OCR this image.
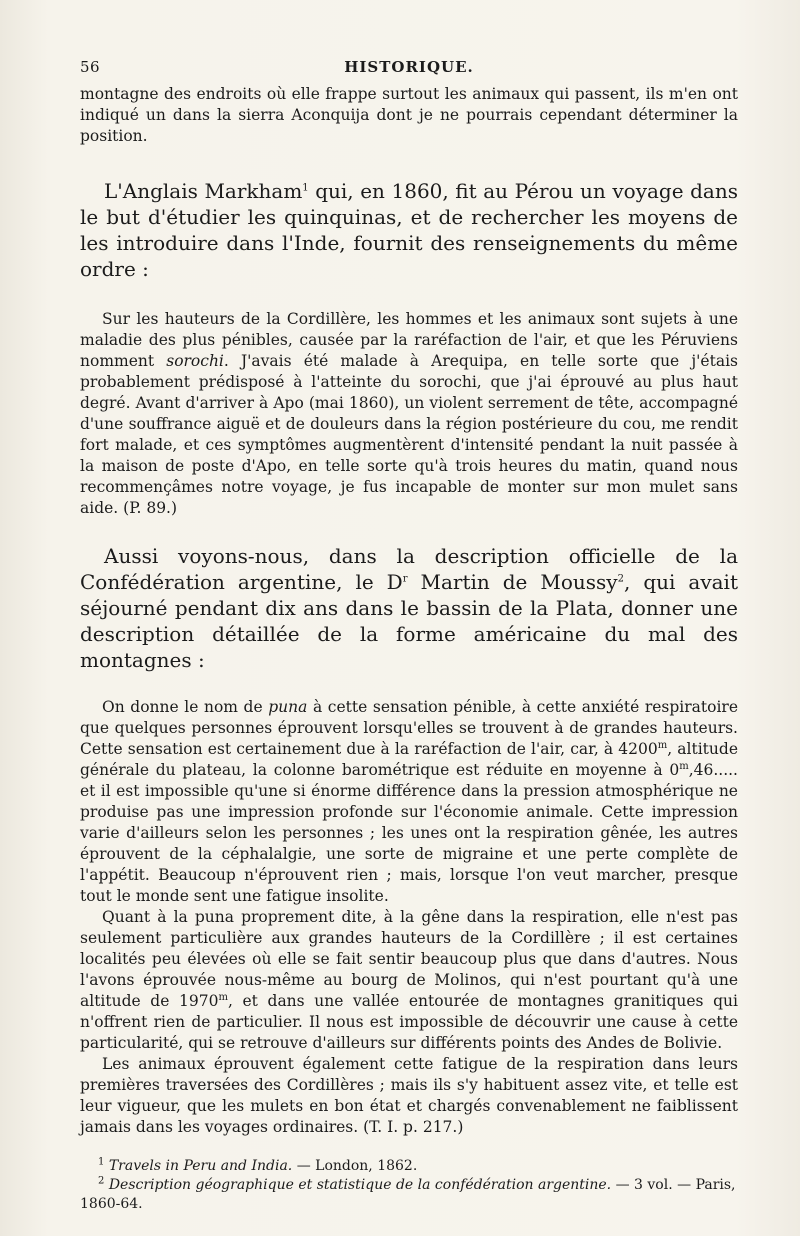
56	HISTORIQUE.

montagne des endroits où elle frappe surtout les animaux qui passent, ils m'en ont indiqué un dans la sierra Aconquija dont je ne pourrais cependant déterminer la position.

L'Anglais Markham$^1$ qui, en 1860, fit au Pérou un voyage dans le but d'étudier les quinquinas, et de rechercher les moyens de les introduire dans l'Inde, fournit des renseignements du même ordre :

Sur les hauteurs de la Cordillère, les hommes et les animaux sont sujets à une maladie des plus pénibles, causée par la raréfaction de l'air, et que les Péruviens nomment sorochi. J'avais été malade à Arequipa, en telle sorte que j'étais probablement prédisposé à l'atteinte du sorochi, que j'ai éprouvé au plus haut degré. Avant d'arriver à Apo (mai 1860), un violent serrement de tête, accompagné d'une souffrance aiguë et de douleurs dans la région postérieure du cou, me rendit fort malade, et ces symptômes augmentèrent d'intensité pendant la nuit passée à la maison de poste d'Apo, en telle sorte qu'à trois heures du matin, quand nous recommençâmes notre voyage, je fus incapable de monter sur mon mulet sans aide. (P. 89.)

Aussi voyons-nous, dans la description officielle de la Confédération argentine, le $D^r$ Martin de Moussy$^2$, qui avait séjourné pendant dix ans dans le bassin de la Plata, donner une description détaillée de la forme américaine du mal des montagnes :

On donne le nom de puna à cette sensation pénible, à cette anxiété respiratoire que quelques personnes éprouvent lorsqu'elles se trouvent à de grandes hauteurs. Cette sensation est certainement due à la raréfaction de l'air, car, à 4200$^m$, altitude générale du plateau, la colonne barométrique est réduite en moyenne à 0$^m$,46..... et il est impossible qu'une si énorme différence dans la pression atmosphérique ne produise pas une impression profonde sur l'économie animale. Cette impression varie d'ailleurs selon les personnes ; les unes ont la respiration gênée, les autres éprouvent de la céphalalgie, une sorte de migraine et une perte complète de l'appétit. Beaucoup n'éprouvent rien ; mais, lorsque l'on veut marcher, presque tout le monde sent une fatigue insolite.

Quant à la puna proprement dite, à la gêne dans la respiration, elle n'est pas seulement particulière aux grandes hauteurs de la Cordillère ; il est certaines localités peu élevées où elle se fait sentir beaucoup plus que dans d'autres. Nous l'avons éprouvée nous-même au bourg de Molinos, qui n'est pourtant qu'à une altitude de 1970$^m$, et dans une vallée entourée de montagnes granitiques qui n'offrent rien de particulier. Il nous est impossible de découvrir une cause à cette particularité, qui se retrouve d'ailleurs sur différents points des Andes de Bolivie.

Les animaux éprouvent également cette fatigue de la respiration dans leurs premières traversées des Cordillères ; mais ils s'y habituent assez vite, et telle est leur vigueur, que les mulets en bon état et chargés convenablement ne faiblissent jamais dans les voyages ordinaires. (T. I. p. 217.)

$^1$ Travels in Peru and India. — London, 1862.

$^2$ Description géographique et statistique de la confédération argentine. — 3 vol. — Paris, 1860-64.
